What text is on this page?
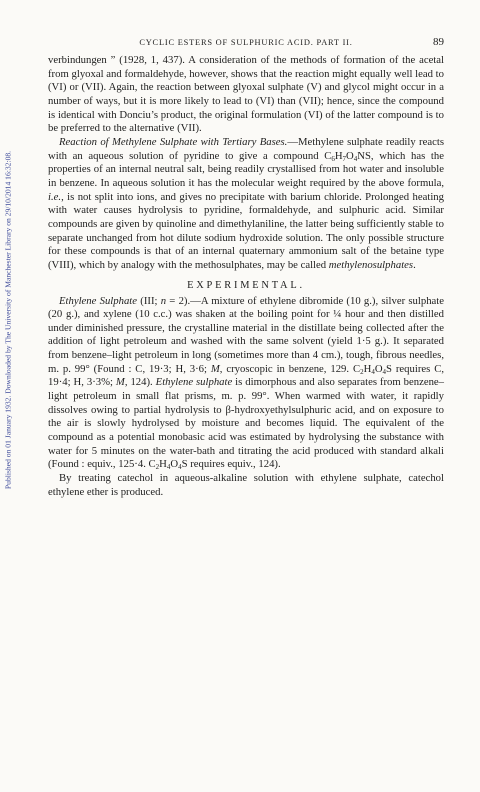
Published on 01 January 1932. Downloaded by The University of Manchester Library on 29/10/2014 16:32:08.
CYCLIC ESTERS OF SULPHURIC ACID. PART II.	89

verbindungen ” (1928, 1, 437). A consideration of the methods of formation of the acetal from glyoxal and formaldehyde, however, shows that the reaction might equally well lead to (VI) or (VII). Again, the reaction between glyoxal sulphate (V) and glycol might occur in a number of ways, but it is more likely to lead to (VI) than (VII); hence, since the compound is identical with Donciu’s product, the original formulation (VI) of the latter compound is to be preferred to the alternative (VII).

Reaction of Methylene Sulphate with Tertiary Bases.—Methylene sulphate readily reacts with an aqueous solution of pyridine to give a compound $C_6H_7O_4NS$, which has the properties of an internal neutral salt, being readily crystallised from hot water and insoluble in benzene. In aqueous solution it has the molecular weight required by the above formula, i.e., is not split into ions, and gives no precipitate with barium chloride. Prolonged heating with water causes hydrolysis to pyridine, formaldehyde, and sulphuric acid. Similar compounds are given by quinoline and dimethylaniline, the latter being sufficiently stable to separate unchanged from hot dilute sodium hydroxide solution. The only possible structure for these compounds is that of an internal quaternary ammonium salt of the betaine type (VIII), which by analogy with the methosulphates, may be called methylenosulphates.

EXPERIMENTAL.

Ethylene Sulphate (III; n = 2).—A mixture of ethylene dibromide (10 g.), silver sulphate (20 g.), and xylene (10 c.c.) was shaken at the boiling point for ¼ hour and then distilled under diminished pressure, the crystalline material in the distillate being collected after the addition of light petroleum and washed with the same solvent (yield 1·5 g.). It separated from benzene–light petroleum in long (sometimes more than 4 cm.), tough, fibrous needles, m. p. 99° (Found : C, 19·3; H, 3·6; M, cryoscopic in benzene, 129. $C_2H_4O_4S$ requires C, 19·4; H, 3·3%; M, 124). Ethylene sulphate is dimorphous and also separates from benzene–light petroleum in small flat prisms, m. p. 99°. When warmed with water, it rapidly dissolves owing to partial hydrolysis to β-hydroxyethylsulphuric acid, and on exposure to the air is slowly hydrolysed by moisture and becomes liquid. The equivalent of the compound as a potential monobasic acid was estimated by hydrolysing the substance with water for 5 minutes on the water-bath and titrating the acid produced with standard alkali (Found : equiv., 125·4. $C_2H_4O_4S$ requires equiv., 124).

By treating catechol in aqueous-alkaline solution with ethylene sulphate, catechol ethylene ether is produced.
